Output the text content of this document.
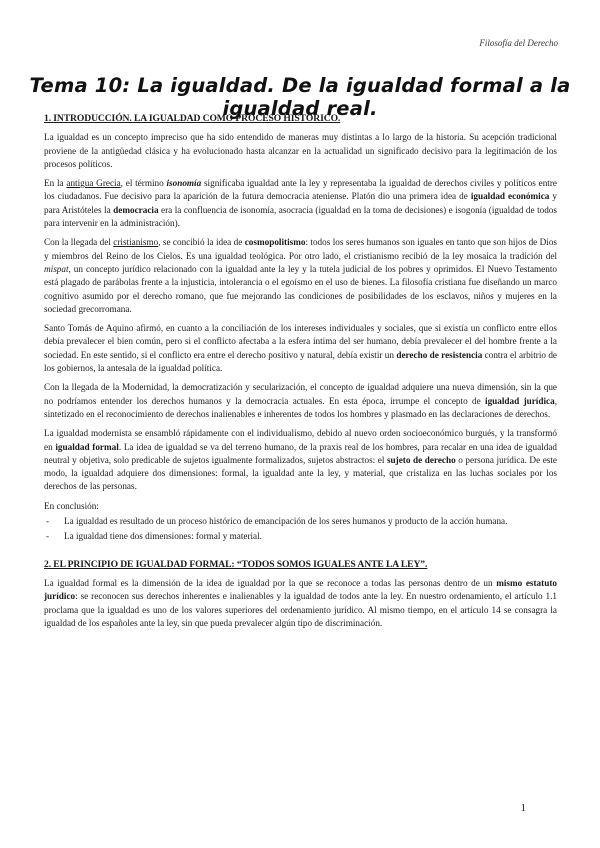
Filosofía del Derecho
Tema 10: La igualdad. De la igualdad formal a la igualdad real.
1. INTRODUCCIÓN. LA IGUALDAD COMO PROCESO HISTÓRICO.

La igualdad es un concepto impreciso que ha sido entendido de maneras muy distintas a lo largo de la historia. Su acepción tradicional proviene de la antigüedad clásica y ha evolucionado hasta alcanzar en la actualidad un significado decisivo para la legitimación de los procesos políticos.

En la antigua Grecia, el término isonomía significaba igualdad ante la ley y representaba la igualdad de derechos civiles y políticos entre los ciudadanos. Fue decisivo para la aparición de la futura democracia ateniense. Platón dio una primera idea de igualdad económica y para Aristóteles la democracia era la confluencia de isonomía, asocracia (igualdad en la toma de decisiones) e isogonía (igualdad de todos para intervenir en la administración).

Con la llegada del cristianismo, se concibió la idea de cosmopolitismo: todos los seres humanos son iguales en tanto que son hijos de Dios y miembros del Reino de los Cielos. Es una igualdad teológica. Por otro lado, el cristianismo recibió de la ley mosaica la tradición del mispat, un concepto jurídico relacionado con la igualdad ante la ley y la tutela judicial de los pobres y oprimidos. El Nuevo Testamento está plagado de parábolas frente a la injusticia, intolerancia o el egoísmo en el uso de bienes. La filosofía cristiana fue diseñando un marco cognitivo asumido por el derecho romano, que fue mejorando las condiciones de posibilidades de los esclavos, niños y mujeres en la sociedad grecorromana.

Santo Tomás de Aquino afirmó, en cuanto a la conciliación de los intereses individuales y sociales, que si existía un conflicto entre ellos debía prevalecer el bien común, pero si el conflicto afectaba a la esfera íntima del ser humano, debía prevalecer el del hombre frente a la sociedad. En este sentido, si el conflicto era entre el derecho positivo y natural, debía existir un derecho de resistencia contra el arbitrio de los gobiernos, la antesala de la igualdad política.

Con la llegada de la Modernidad, la democratización y secularización, el concepto de igualdad adquiere una nueva dimensión, sin la que no podríamos entender los derechos humanos y la democracia actuales. En esta época, irrumpe el concepto de igualdad jurídica, sintetizado en el reconocimiento de derechos inalienables e inherentes de todos los hombres y plasmado en las declaraciones de derechos.

La igualdad modernista se ensambló rápidamente con el individualismo, debido al nuevo orden socioeconómico burgués, y la transformó en igualdad formal. La idea de igualdad se va del terreno humano, de la praxis real de los hombres, para recalar en una idea de igualdad neutral y objetiva, solo predicable de sujetos igualmente formalizados, sujetos abstractos: el sujeto de derecho o persona jurídica. De este modo, la igualdad adquiere dos dimensiones: formal, la igualdad ante la ley, y material, que cristaliza en las luchas sociales por los derechos de las personas.

En conclusión:

- La igualdad es resultado de un proceso histórico de emancipación de los seres humanos y producto de la acción humana.
- La igualdad tiene dos dimensiones: formal y material.
2. EL PRINCIPIO DE IGUALDAD FORMAL: “TODOS SOMOS IGUALES ANTE LA LEY”.

La igualdad formal es la dimensión de la idea de igualdad por la que se reconoce a todas las personas dentro de un mismo estatuto jurídico: se reconocen sus derechos inherentes e inalienables y la igualdad de todos ante la ley. En nuestro ordenamiento, el artículo 1.1 proclama que la igualdad es uno de los valores superiores del ordenamiento jurídico. Al mismo tiempo, en el artículo 14 se consagra la igualdad de los españoles ante la ley, sin que pueda prevalecer algún tipo de discriminación.

1
